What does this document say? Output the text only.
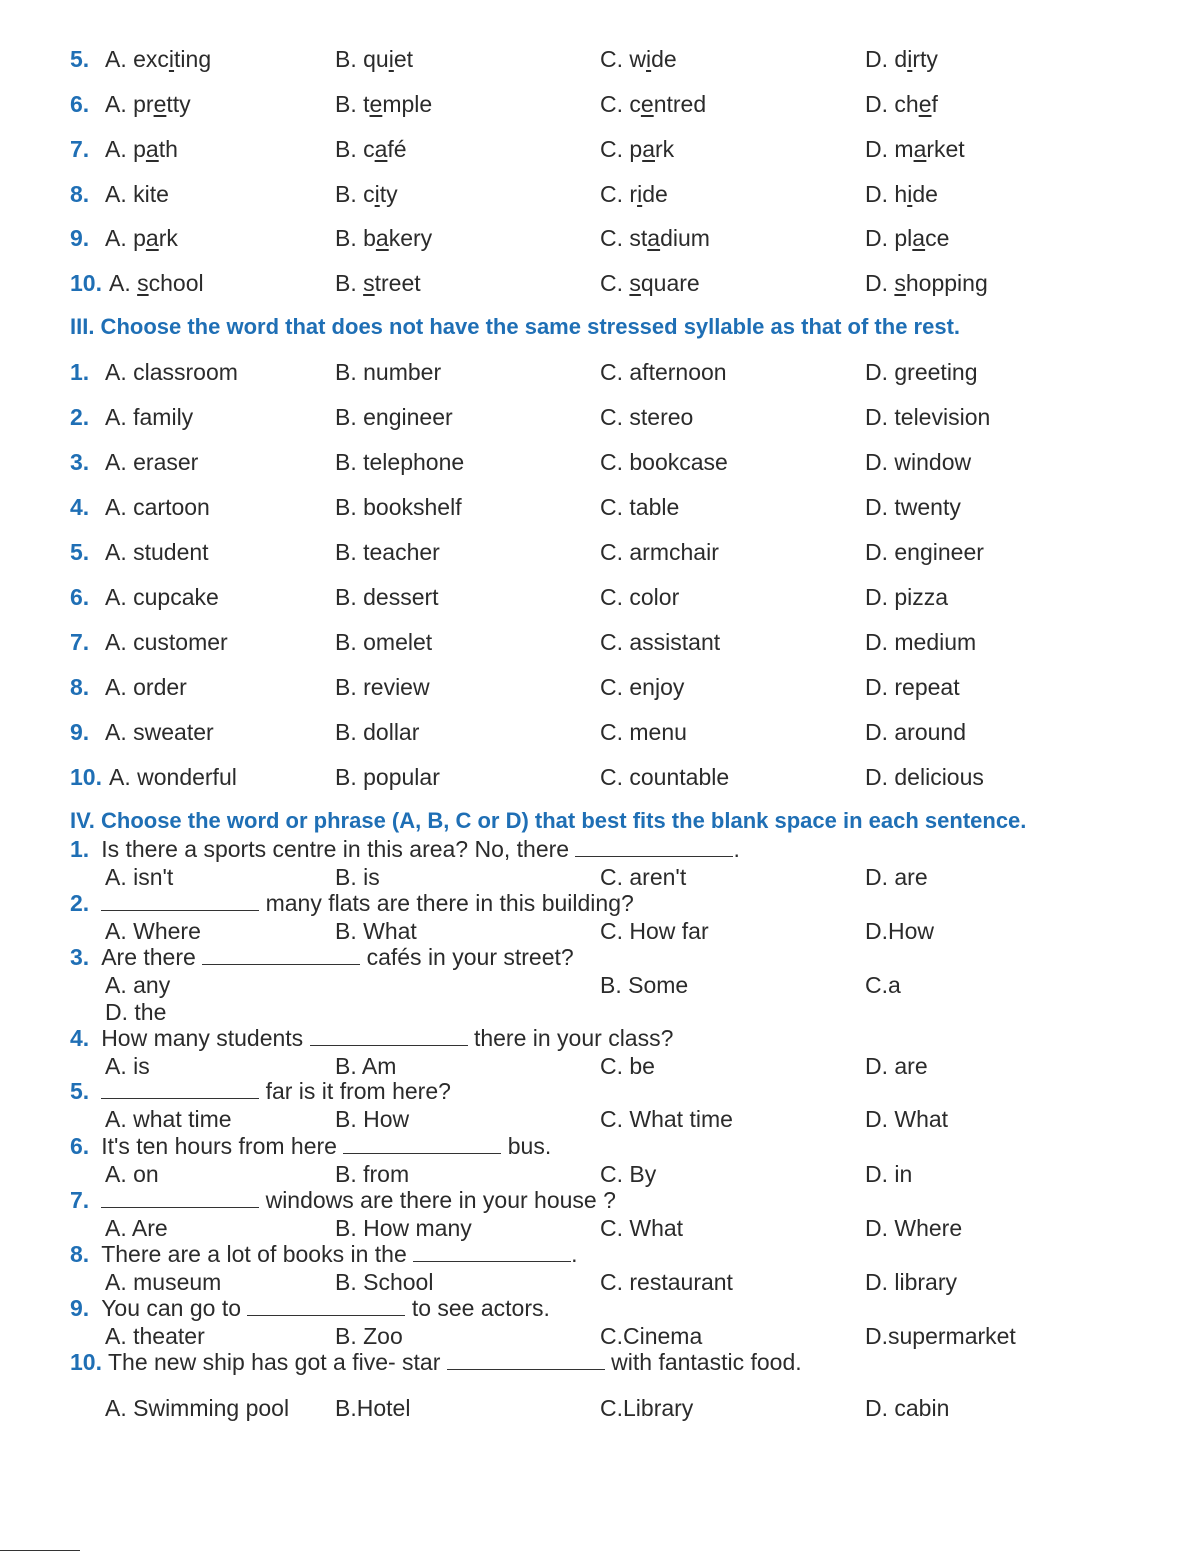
5. A. exciting	B. quiet	C. wide	D. dirty
6. A. pretty	B. temple	C. centred	D. chef
7. A. path	B. café	C. park	D. market
8. A. kite	B. city	C. ride	D. hide
9. A. park	B. bakery	C. stadium	D. place
10. A. school	B. street	C. square	D. shopping
III. Choose the word that does not have the same stressed syllable as that of the rest.
1. A. classroom	B. number	C. afternoon	D. greeting
2. A. family	B. engineer	C. stereo	D. television
3. A. eraser	B. telephone	C. bookcase	D. window
4. A. cartoon	B. bookshelf	C. table	D. twenty
5. A. student	B. teacher	C. armchair	D. engineer
6. A. cupcake	B. dessert	C. color	D. pizza
7. A. customer	B. omelet	C. assistant	D. medium
8. A. order	B. review	C. enjoy	D. repeat
9. A. sweater	B. dollar	C. menu	D. around
10. A. wonderful	B. popular	C. countable	D. delicious
IV. Choose the word or phrase (A, B, C or D) that best fits the blank space in each sentence.
1. Is there a sports centre in this area? No, there	.
A. isn't	B. is	C. aren't	D. are
2.	many flats are there in this building?
A. Where	B. What	C. How far	D.How
3. Are there	cafés in your street?
A. any	B. Some	C.a
D. the
4. How many students	there in your class?
A. is	B. Am	C. be	D. are
5.	far is it from here?
A. what time	B. How	C. What time	D. What
6. It's ten hours from here	bus.
A. on	B. from	C. By	D. in
7.	windows are there in your house ?
A. Are	B. How many	C. What	D. Where
8. There are a lot of books in the	.
A. museum	B. School	C. restaurant	D. library
9. You can go to	to see actors.
A. theater	B. Zoo	C.Cinema	D.supermarket
10. The new ship has got a five- star	with fantastic food.
A. Swimming pool B.Hotel	C.Library	D. cabin
